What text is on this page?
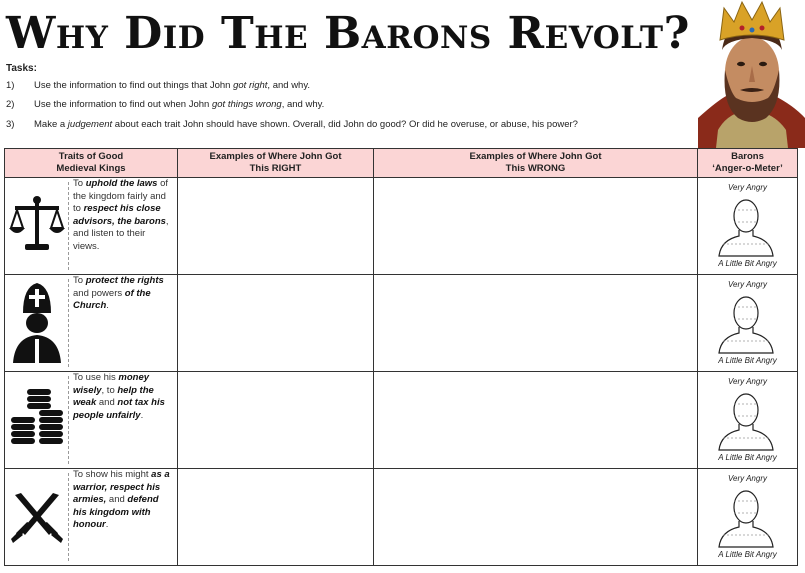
Why Did The Barons Revolt?
Tasks:
1) Use the information to find out things that John got right, and why.
2) Use the information to find out when John got things wrong, and why.
3) Make a judgement about each trait John should have shown. Overall, did John do good? Or did he overuse, or abuse, his power?
Traits of Good
Medieval Kings
Examples of Where John Got
This RIGHT
Examples of Where John Got
This WRONG
Barons
‘Anger-o-Meter’
To uphold the laws of the kingdom fairly and to respect his close advisors, the barons, and listen to their views.
Very Angry
A Little Bit Angry
To protect the rights and powers of the Church.
Very Angry
A Little Bit Angry
To use his money wisely, to help the weak and not tax his people unfairly.
Very Angry
A Little Bit Angry
To show his might as a warrior, respect his armies, and defend his kingdom with honour.
Very Angry
A Little Bit Angry
